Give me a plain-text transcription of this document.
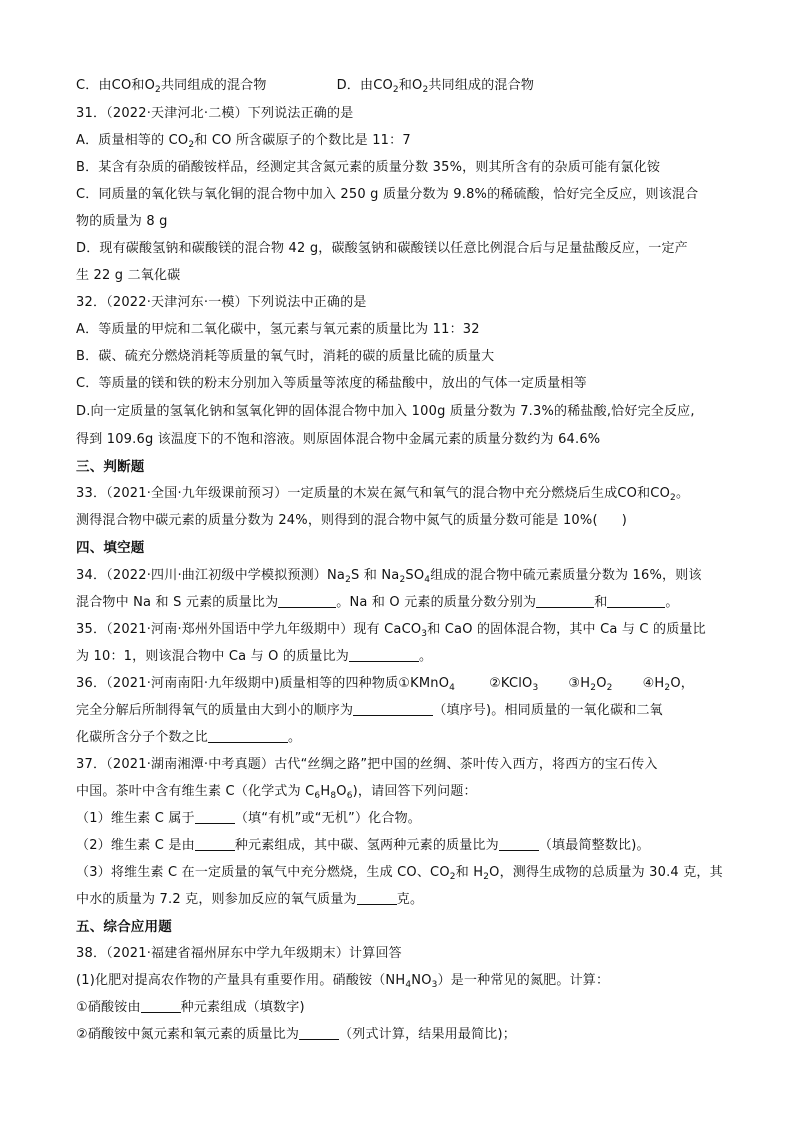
C．由CO和$O_2$共同组成的混合物	D．由$CO_2$和$O_2$共同组成的混合物
31．（2022·天津河北·二模）下列说法正确的是
A．质量相等的 $CO_2$和 CO 所含碳原子的个数比是 11：7
B．某含有杂质的硝酸铵样品，经测定其含氮元素的质量分数 35%，则其所含有的杂质可能有氯化铵
C．同质量的氧化铁与氧化铜的混合物中加入 250 g 质量分数为 9.8%的稀硫酸，恰好完全反应，则该混合
物的质量为 8 g
D．现有碳酸氢钠和碳酸镁的混合物 42 g，碳酸氢钠和碳酸镁以任意比例混合后与足量盐酸反应，一定产
生 22 g 二氧化碳
32．（2022·天津河东·一模）下列说法中正确的是
A．等质量的甲烷和二氧化碳中，氢元素与氧元素的质量比为 11：32
B．碳、硫充分燃烧消耗等质量的氧气时，消耗的碳的质量比硫的质量大
C．等质量的镁和铁的粉末分别加入等质量等浓度的稀盐酸中，放出的气体一定质量相等
D.向一定质量的氢氧化钠和氢氧化钾的固体混合物中加入 100g 质量分数为 7.3%的稀盐酸,恰好完全反应,
得到 109.6g 该温度下的不饱和溶液。则原固体混合物中金属元素的质量分数约为 64.6%
三、判断题
33．（2021·全国·九年级课前预习）一定质量的木炭在氮气和氧气的混合物中充分燃烧后生成CO和$CO_2$。
测得混合物中碳元素的质量分数为 24%，则得到的混合物中氮气的质量分数可能是 10%( )
四、填空题
34．（2022·四川·曲江初级中学模拟预测）$Na_2S$ 和 $Na_2SO_4$组成的混合物中硫元素质量分数为 16%，则该
混合物中 Na 和 S 元素的质量比为	。Na 和 O 元素的质量分数分别为	和	。
35．（2021·河南·郑州外国语中学九年级期中）现有 CaCO$_3$和 CaO 的固体混合物，其中 Ca 与 C 的质量比
为 10：1，则该混合物中 Ca 与 O 的质量比为	。
36．（2021·河南南阳·九年级期中)质量相等的四种物质①KMnO$_4$	②KClO$_3$ $③H_2O_2$ $④H_2O$，
完全分解后所制得氧气的质量由大到小的顺序为	（填序号)。相同质量的一氧化碳和二氧
化碳所含分子个数之比	。
37．（2021·湖南湘潭·中考真题）古代“丝绸之路”把中国的丝绸、茶叶传入西方，将西方的宝石传入
中国。茶叶中含有维生素 C（化学式为 $C_6H_8O_6$)，请回答下列问题：
（1）维生素 C 属于	（填“有机”或“无机”）化合物。
（2）维生素 C 是由	种元素组成，其中碳、氢两种元素的质量比为	（填最简整数比)。
（3）将维生素 C 在一定质量的氧气中充分燃烧，生成 CO、$CO_2$和 $H_2O$，测得生成物的总质量为 30.4 克，其
中水的质量为 7.2 克，则参加反应的氧气质量为	克。
五、综合应用题
38．（2021·福建省福州屏东中学九年级期末）计算回答
(1)化肥对提高农作物的产量具有重要作用。硝酸铵$(NH_4NO_3)$是一种常见的氮肥。计算：
①硝酸铵由	种元素组成（填数字)
②硝酸铵中氮元素和氧元素的质量比为	（列式计算，结果用最简比)；
